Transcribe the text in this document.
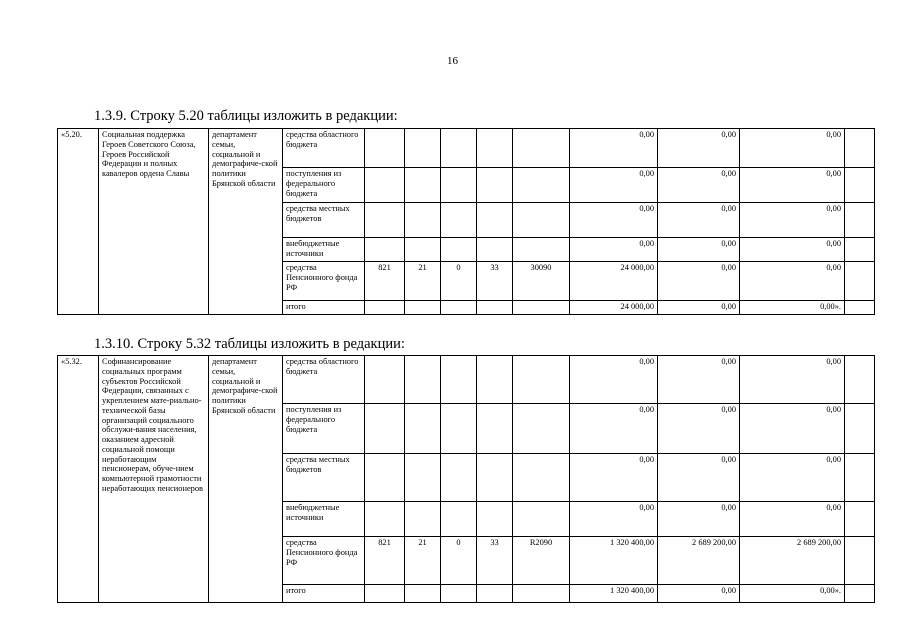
16
1.3.9. Строку 5.20 таблицы изложить в редакции:
«5.20.	Социальная поддержка Героев Советского Союза, Героев Российской Федерации и полных кавалеров ордена Славы	департамент семьи, социальной и демографиче-ской политики Брянской области	средства областного бюджета						0,00	0,00	0,00	
			поступления из федерального бюджета						0,00	0,00	0,00	
			средства местных бюджетов						0,00	0,00	0,00	
			внебюджетные источники						0,00	0,00	0,00	
			средства Пенсионного фонда РФ	821	21	0	33	30090	24 000,00	0,00	0,00	
			итого						24 000,00	0,00	0,00».	
1.3.10. Строку 5.32 таблицы изложить в редакции:
«5.32.	Софинансирование социальных программ субъектов Российской Федерации, связанных с укреплением мате-риально- технической базы организаций социального обслужи-вания населения, оказанием адресной социальной помощи неработающим пенсионерам, обуче-нием компьютерной грамотности неработающих пенсионеров	департамент семьи, социальной и демографиче-ской политики Брянской области	средства областного бюджета						0,00	0,00	0,00	
			поступления из федерального бюджета						0,00	0,00	0,00	
			средства местных бюджетов						0,00	0,00	0,00	
			внебюджетные источники						0,00	0,00	0,00	
			средства Пенсионного фонда РФ	821	21	0	33	R2090	1 320 400,00	2 689 200,00	2 689 200,00	
			итого						1 320 400,00	0,00	0,00».	
